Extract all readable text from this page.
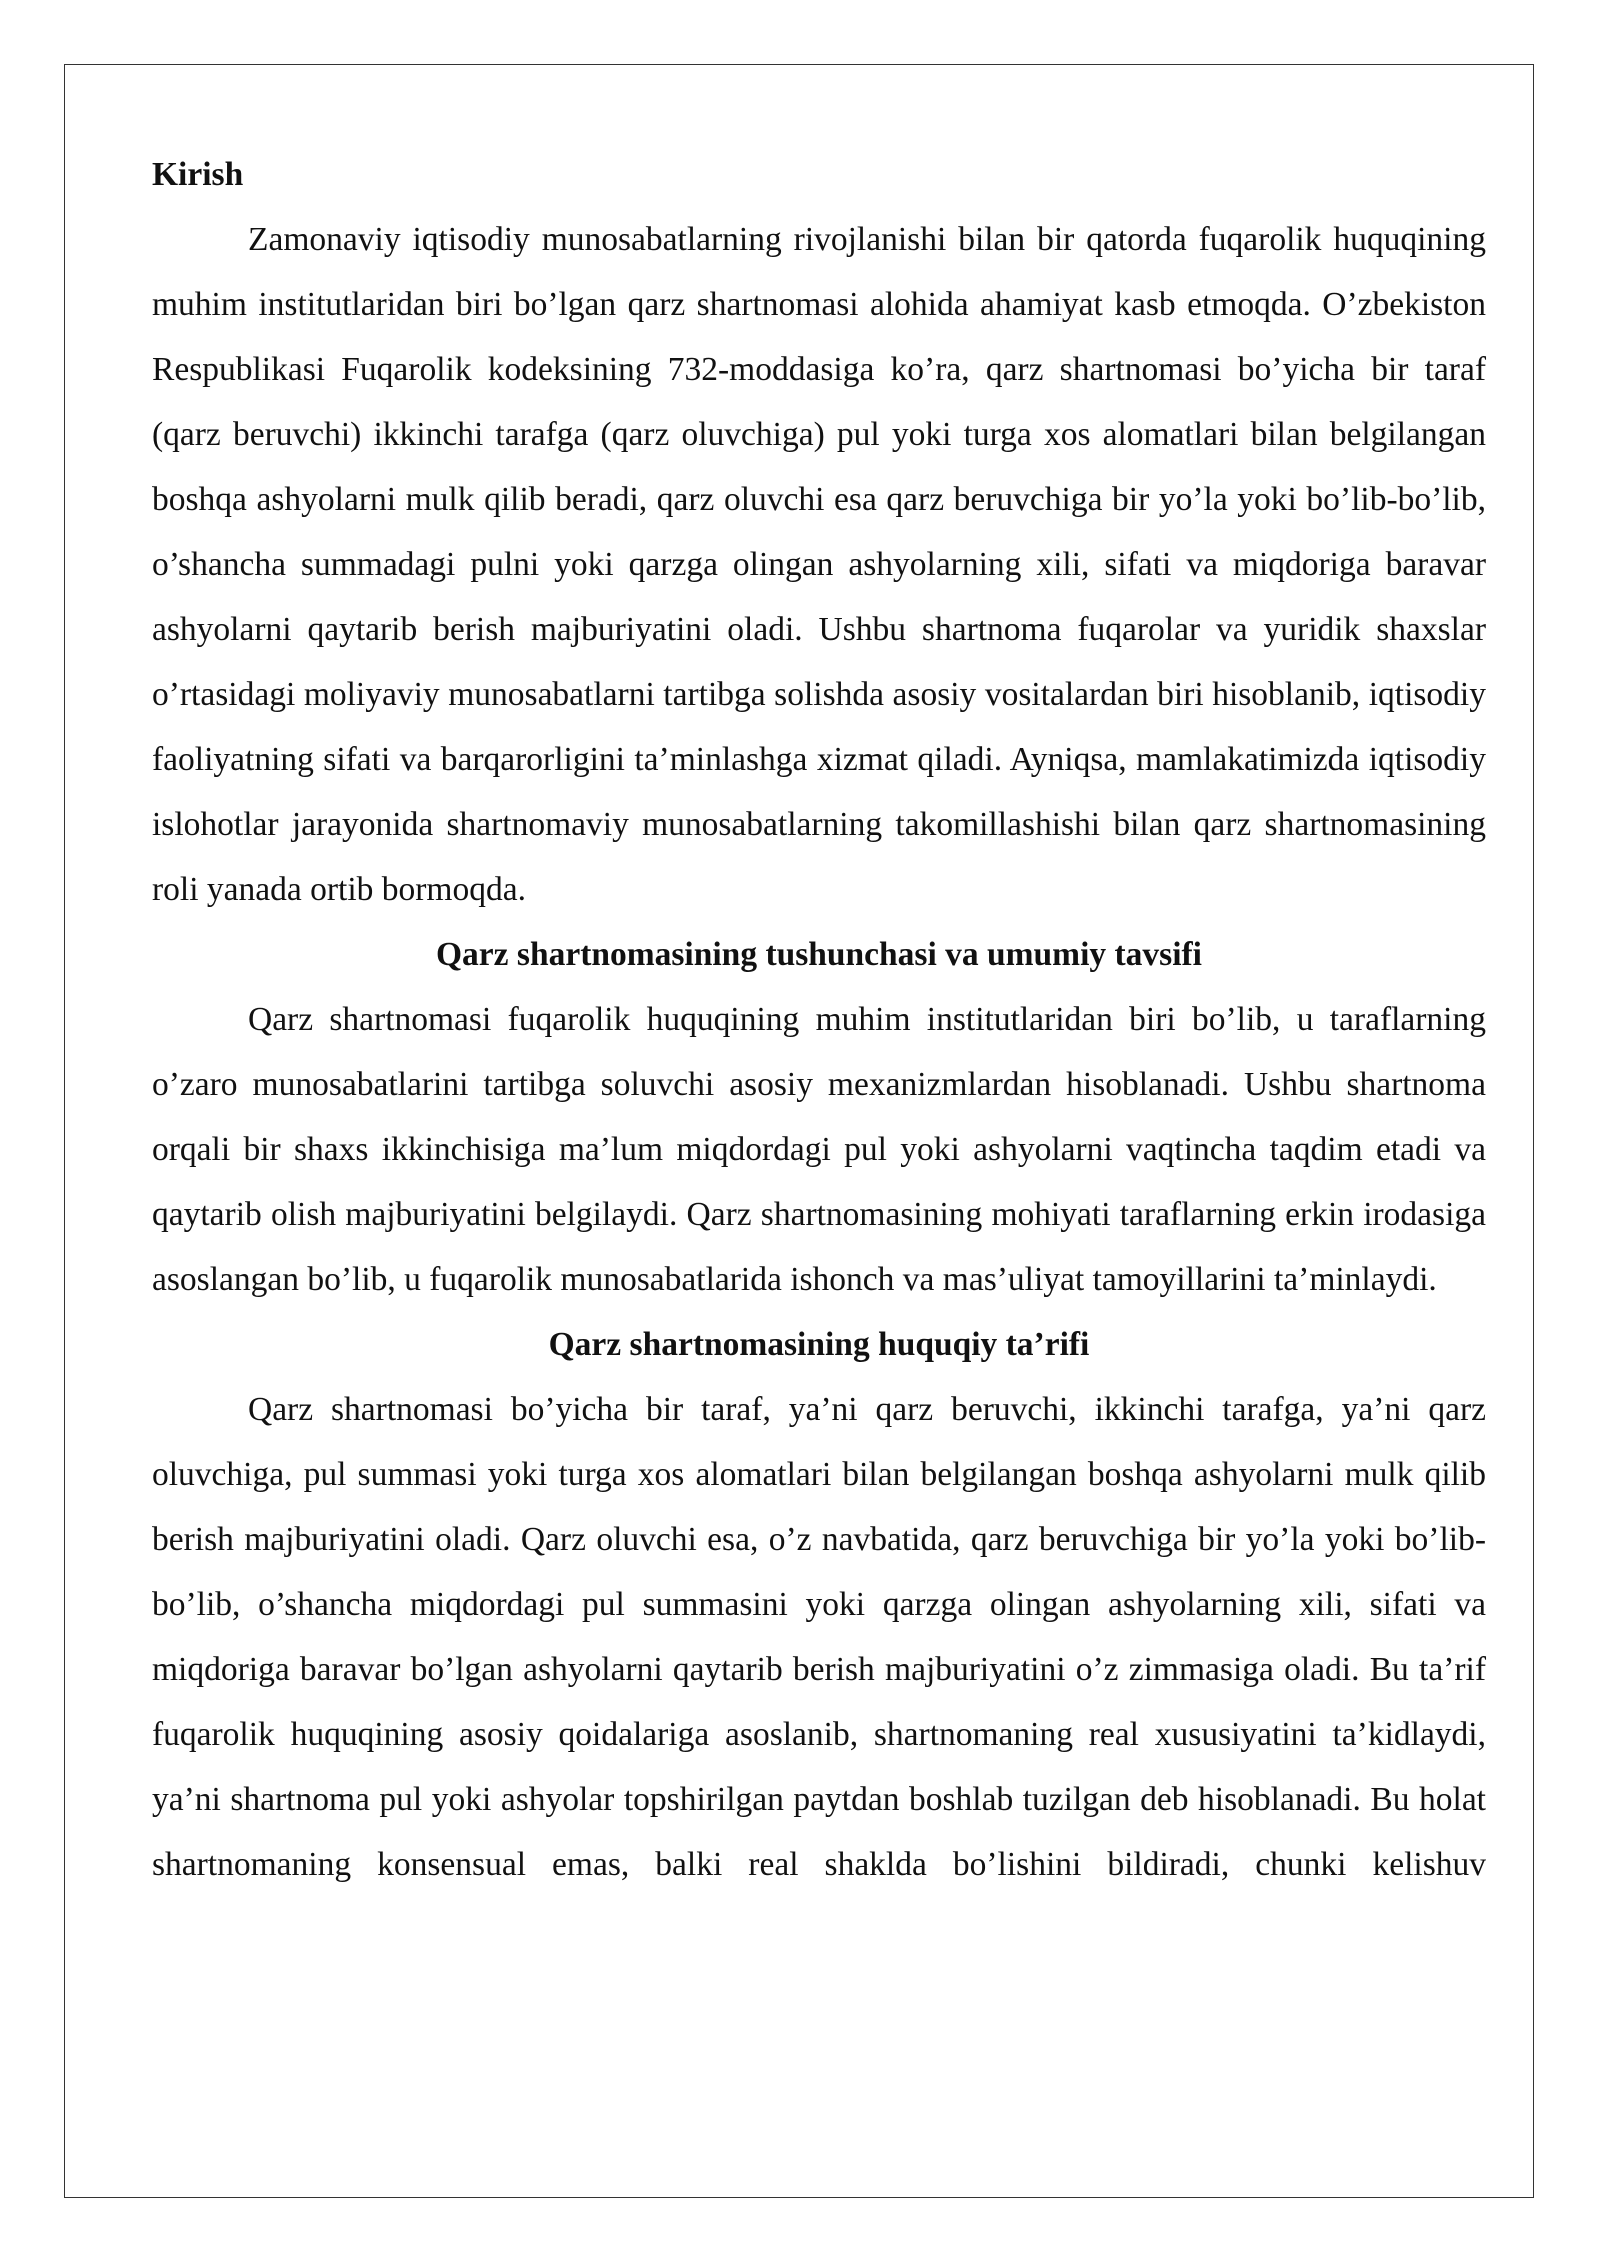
Kirish

Zamonaviy iqtisodiy munosabatlarning rivojlanishi bilan bir qatorda fuqarolik huquqining muhim institutlaridan biri bo’lgan qarz shartnomasi alohida ahamiyat kasb etmoqda. O’zbekiston Respublikasi Fuqarolik kodeksining 732-moddasiga ko’ra, qarz shartnomasi bo’yicha bir taraf (qarz beruvchi) ikkinchi tarafga (qarz oluvchiga) pul yoki turga xos alomatlari bilan belgilangan boshqa ashyolarni mulk qilib beradi, qarz oluvchi esa qarz beruvchiga bir yo’la yoki bo’lib-bo’lib, o’shancha summadagi pulni yoki qarzga olingan ashyolarning xili, sifati va miqdoriga baravar ashyolarni qaytarib berish majburiyatini oladi. Ushbu shartnoma fuqarolar va yuridik shaxslar o’rtasidagi moliyaviy munosabatlarni tartibga solishda asosiy vositalardan biri hisoblanib, iqtisodiy faoliyatning sifati va barqarorligini ta’minlashga xizmat qiladi. Ayniqsa, mamlakatimizda iqtisodiy islohotlar jarayonida shartnomaviy munosabatlarning takomillashishi bilan qarz shartnomasining roli yanada ortib bormoqda.

Qarz shartnomasining tushunchasi va umumiy tavsifi

Qarz shartnomasi fuqarolik huquqining muhim institutlaridan biri bo’lib, u taraflarning o’zaro munosabatlarini tartibga soluvchi asosiy mexanizmlardan hisoblanadi. Ushbu shartnoma orqali bir shaxs ikkinchisiga ma’lum miqdordagi pul yoki ashyolarni vaqtincha taqdim etadi va qaytarib olish majburiyatini belgilaydi. Qarz shartnomasining mohiyati taraflarning erkin irodasiga asoslangan bo’lib, u fuqarolik munosabatlarida ishonch va mas’uliyat tamoyillarini ta’minlaydi.

Qarz shartnomasining huquqiy ta’rifi

Qarz shartnomasi bo’yicha bir taraf, ya’ni qarz beruvchi, ikkinchi tarafga, ya’ni qarz oluvchiga, pul summasi yoki turga xos alomatlari bilan belgilangan boshqa ashyolarni mulk qilib berish majburiyatini oladi. Qarz oluvchi esa, o’z navbatida, qarz beruvchiga bir yo’la yoki bo’lib-bo’lib, o’shancha miqdordagi pul summasini yoki qarzga olingan ashyolarning xili, sifati va miqdoriga baravar bo’lgan ashyolarni qaytarib berish majburiyatini o’z zimmasiga oladi. Bu ta’rif fuqarolik huquqining asosiy qoidalariga asoslanib, shartnomaning real xususiyatini ta’kidlaydi, ya’ni shartnoma pul yoki ashyolar topshirilgan paytdan boshlab tuzilgan deb hisoblanadi. Bu holat shartnomaning konsensual emas, balki real shaklda bo’lishini bildiradi, chunki kelishuv
